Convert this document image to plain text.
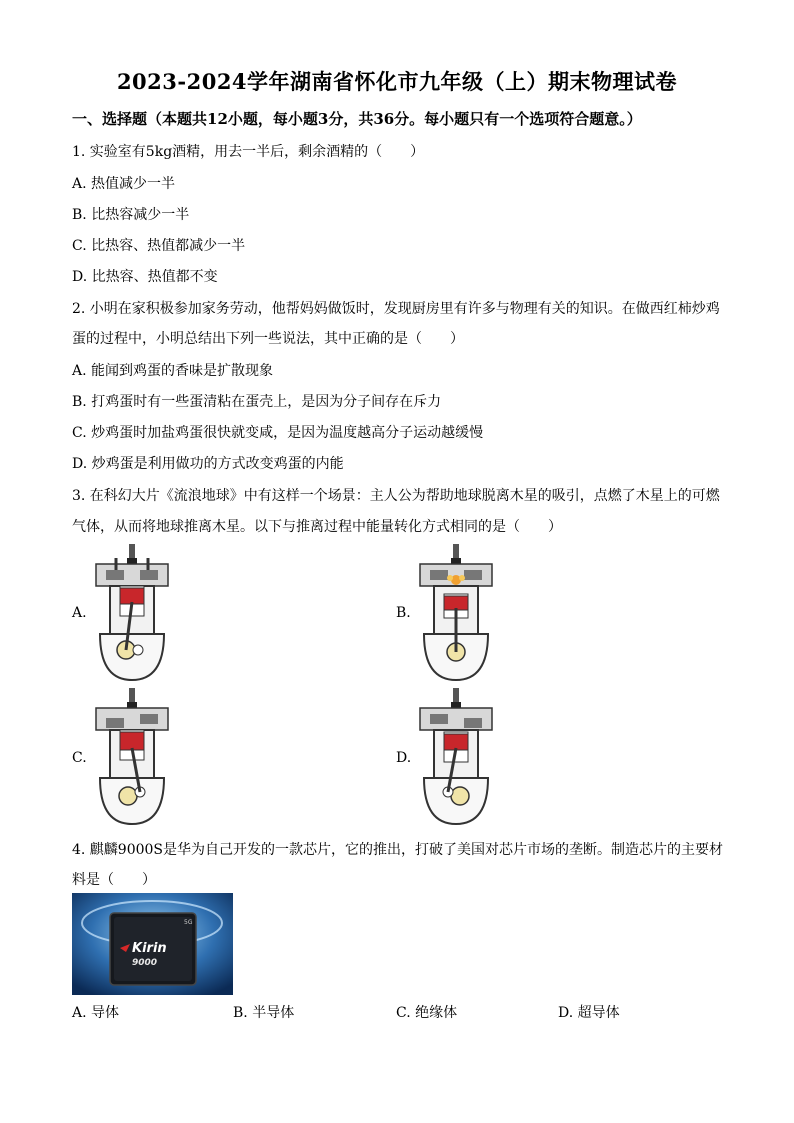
2023-2024学年湖南省怀化市九年级（上）期末物理试卷
一、选择题（本题共12小题，每小题3分，共36分。每小题只有一个选项符合题意。）
1. 实验室有5kg酒精，用去一半后，剩余酒精的（　　）
A. 热值减少一半
B. 比热容减少一半
C. 比热容、热值都减少一半
D. 比热容、热值都不变
2. 小明在家积极参加家务劳动，他帮妈妈做饭时，发现厨房里有许多与物理有关的知识。在做西红柿炒鸡
蛋的过程中，小明总结出下列一些说法，其中正确的是（　　）
A. 能闻到鸡蛋的香味是扩散现象
B. 打鸡蛋时有一些蛋清粘在蛋壳上，是因为分子间存在斥力
C. 炒鸡蛋时加盐鸡蛋很快就变咸，是因为温度越高分子运动越缓慢
D. 炒鸡蛋是利用做功的方式改变鸡蛋的内能
3. 在科幻大片《流浪地球》中有这样一个场景：主人公为帮助地球脱离木星的吸引，点燃了木星上的可燃
气体，从而将地球推离木星。以下与推离过程中能量转化方式相同的是（　　）
A.	B.
C.	D.
4. 麒麟9000S是华为自己开发的一款芯片，它的推出，打破了美国对芯片市场的垄断。制造芯片的主要材
料是（　　）
5G
Kirin
9000
A. 导体	B. 半导体	C. 绝缘体	D. 超导体
